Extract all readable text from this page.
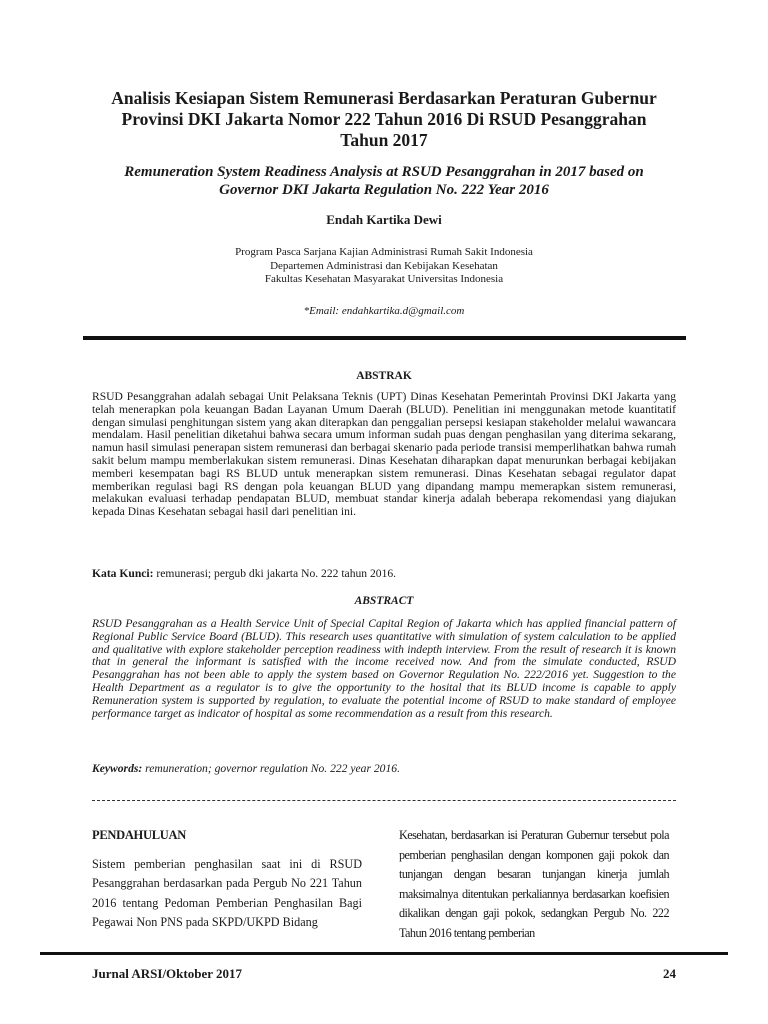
Analisis Kesiapan Sistem Remunerasi Berdasarkan Peraturan Gubernur
Provinsi DKI Jakarta Nomor 222 Tahun 2016 Di RSUD Pesanggrahan
Tahun 2017
Remuneration System Readiness Analysis at RSUD Pesanggrahan in 2017 based on
Governor DKI Jakarta Regulation No. 222 Year 2016
Endah Kartika Dewi
Program Pasca Sarjana Kajian Administrasi Rumah Sakit Indonesia
Departemen Administrasi dan Kebijakan Kesehatan
Fakultas Kesehatan Masyarakat Universitas Indonesia
*Email: endahkartika.d@gmail.com
ABSTRAK

RSUD Pesanggrahan adalah sebagai Unit Pelaksana Teknis (UPT) Dinas Kesehatan Pemerintah Provinsi DKI Jakarta yang telah menerapkan pola keuangan Badan Layanan Umum Daerah (BLUD). Penelitian ini menggunakan metode kuantitatif dengan simulasi penghitungan sistem yang akan diterapkan dan penggalian persepsi kesiapan stakeholder melalui wawancara mendalam. Hasil penelitian diketahui bahwa secara umum informan sudah puas dengan penghasilan yang diterima sekarang, namun hasil simulasi penerapan sistem remunerasi dan berbagai skenario pada periode transisi memperlihatkan bahwa rumah sakit belum mampu memberlakukan sistem remunerasi. Dinas Kesehatan diharapkan dapat menurunkan berbagai kebijakan memberi kesempatan bagi RS BLUD untuk menerapkan sistem remunerasi. Dinas Kesehatan sebagai regulator dapat memberikan regulasi bagi RS dengan pola keuangan BLUD yang dipandang mampu memerapkan sistem remunerasi, melakukan evaluasi terhadap pendapatan BLUD, membuat standar kinerja adalah beberapa rekomendasi yang diajukan kepada Dinas Kesehatan sebagai hasil dari penelitian ini.

Kata Kunci: remunerasi; pergub dki jakarta No. 222 tahun 2016.
ABSTRACT

RSUD Pesanggrahan as a Health Service Unit of Special Capital Region of Jakarta which has applied financial pattern of Regional Public Service Board (BLUD). This research uses quantitative with simulation of system calculation to be applied and qualitative with explore stakeholder perception readiness with indepth interview. From the result of research it is known that in general the informant is satisfied with the income received now. And from the simulate conducted, RSUD Pesanggrahan has not been able to apply the system based on Governor Regulation No. 222/2016 yet. Suggestion to the Health Department as a regulator is to give the opportunity to the hosital that its BLUD income is capable to apply Remuneration system is supported by regulation, to evaluate the potential income of RSUD to make standard of employee performance target as indicator of hospital as some recommendation as a result from this research.

Keywords: remuneration; governor regulation No. 222 year 2016.
PENDAHULUAN
Sistem pemberian penghasilan saat ini di RSUD Pesanggrahan berdasarkan pada Pergub No 221 Tahun 2016 tentang Pedoman Pemberian Penghasilan Bagi Pegawai Non PNS pada SKPD/UKPD Bidang
Kesehatan, berdasarkan isi Peraturan Gubernur tersebut pola pemberian penghasilan dengan komponen gaji pokok dan tunjangan dengan besaran tunjangan kinerja jumlah maksimalnya ditentukan perkaliannya berdasarkan koefisien dikalikan dengan gaji pokok, sedangkan Pergub No. 222 Tahun 2016 tentang pemberian
Jurnal ARSI/Oktober 2017	24
